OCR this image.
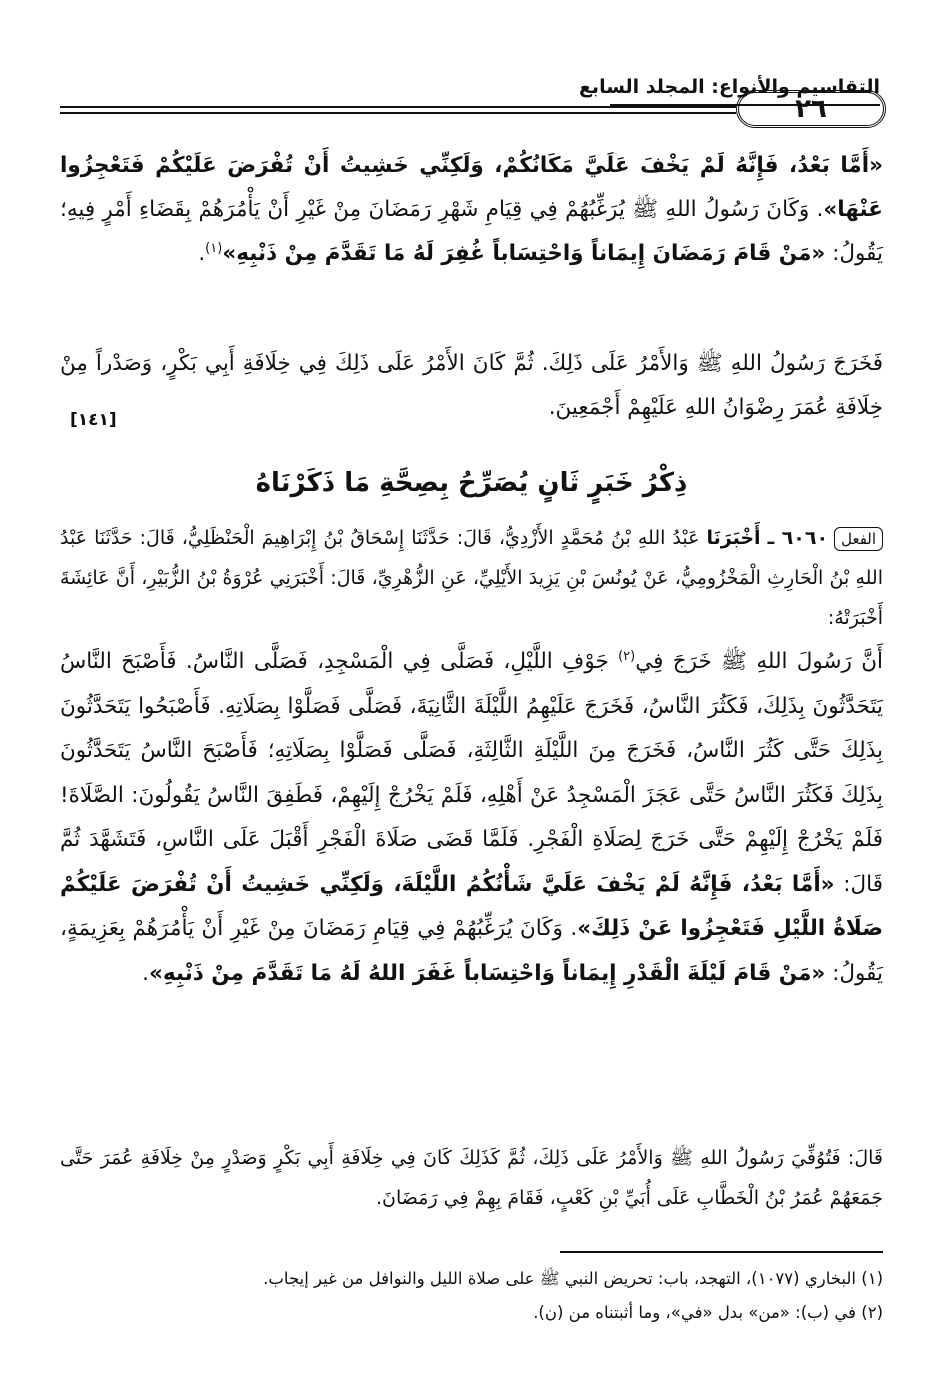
التقاسيم والأنواع: المجلد السابع
٢٦

«أَمَّا بَعْدُ، فَإِنَّهُ لَمْ يَخْفَ عَلَيَّ مَكَانُكُمْ، وَلَكِنِّي خَشِيتُ أَنْ تُفْرَضَ عَلَيْكُمْ فَتَعْجِزُوا عَنْهَا». وَكَانَ رَسُولُ اللهِ ﷺ يُرَغِّبُهُمْ فِي قِيَامِ شَهْرِ رَمَضَانَ مِنْ غَيْرِ أَنْ يَأْمُرَهُمْ بِقَضَاءِ أَمْرٍ فِيهِ؛ يَقُولُ: «مَنْ قَامَ رَمَضَانَ إِيمَاناً وَاحْتِسَاباً غُفِرَ لَهُ مَا تَقَدَّمَ مِنْ ذَنْبِهِ»$^{(١)}$.

فَخَرَجَ رَسُولُ اللهِ ﷺ وَالأَمْرُ عَلَى ذَلِكَ. ثُمَّ كَانَ الأَمْرُ عَلَى ذَلِكَ فِي خِلَافَةِ أَبِي بَكْرٍ، وَصَدْراً مِنْ خِلَافَةِ عُمَرَ رِضْوَانُ اللهِ عَلَيْهِمْ أَجْمَعِينَ.

[١٤١]
ذِكْرُ خَبَرٍ ثَانٍ يُصَرِّحُ بِصِحَّةِ مَا ذَكَرْنَاهُ

الفعل٦٠٦٠ ـ أَخْبَرَنَا عَبْدُ اللهِ بْنُ مُحَمَّدٍ الأَزْدِيُّ، قَالَ: حَدَّثَنَا إِسْحَاقُ بْنُ إِبْرَاهِيمَ الْحَنْظَلِيُّ، قَالَ: حَدَّثَنَا عَبْدُ اللهِ بْنُ الْحَارِثِ الْمَخْزُومِيُّ، عَنْ يُونُسَ بْنِ يَزِيدَ الأَيْلِيِّ، عَنِ الزُّهْرِيِّ، قَالَ: أَخْبَرَنِي عُرْوَةُ بْنُ الزُّبَيْرِ، أَنَّ عَائِشَةَ أَخْبَرَتْهُ:

أَنَّ رَسُولَ اللهِ ﷺ خَرَجَ فِي$^{(٢)}$ جَوْفِ اللَّيْلِ، فَصَلَّى فِي الْمَسْجِدِ، فَصَلَّى النَّاسُ. فَأَصْبَحَ النَّاسُ يَتَحَدَّثُونَ بِذَلِكَ، فَكَثُرَ النَّاسُ، فَخَرَجَ عَلَيْهِمُ اللَّيْلَةَ الثَّانِيَةَ، فَصَلَّى فَصَلَّوْا بِصَلَاتِهِ. فَأَصْبَحُوا يَتَحَدَّثُونَ بِذَلِكَ حَتَّى كَثُرَ النَّاسُ، فَخَرَجَ مِنَ اللَّيْلَةِ الثَّالِثَةِ، فَصَلَّى فَصَلَّوْا بِصَلَاتِهِ؛ فَأَصْبَحَ النَّاسُ يَتَحَدَّثُونَ بِذَلِكَ فَكَثُرَ النَّاسُ حَتَّى عَجَزَ الْمَسْجِدُ عَنْ أَهْلِهِ، فَلَمْ يَخْرُجْ إِلَيْهِمْ، فَطَفِقَ النَّاسُ يَقُولُونَ: الصَّلَاةَ! فَلَمْ يَخْرُجْ إِلَيْهِمْ حَتَّى خَرَجَ لِصَلَاةِ الْفَجْرِ. فَلَمَّا قَضَى صَلَاةَ الْفَجْرِ أَقْبَلَ عَلَى النَّاسِ، فَتَشَهَّدَ ثُمَّ قَالَ: «أَمَّا بَعْدُ، فَإِنَّهُ لَمْ يَخْفَ عَلَيَّ شَأْنُكُمُ اللَّيْلَةَ، وَلَكِنِّي خَشِيتُ أَنْ تُفْرَضَ عَلَيْكُمْ صَلَاةُ اللَّيْلِ فَتَعْجِزُوا عَنْ ذَلِكَ». وَكَانَ يُرَغِّبُهُمْ فِي قِيَامِ رَمَضَانَ مِنْ غَيْرِ أَنْ يَأْمُرَهُمْ بِعَزِيمَةٍ، يَقُولُ: «مَنْ قَامَ لَيْلَةَ الْقَدْرِ إِيمَاناً وَاحْتِسَاباً غَفَرَ اللهُ لَهُ مَا تَقَدَّمَ مِنْ ذَنْبِهِ».

قَالَ: فَتُوُفِّيَ رَسُولُ اللهِ ﷺ وَالأَمْرُ عَلَى ذَلِكَ، ثُمَّ كَذَلِكَ كَانَ فِي خِلَافَةِ أَبِي بَكْرٍ وَصَدْرٍ مِنْ خِلَافَةِ عُمَرَ حَتَّى جَمَعَهُمْ عُمَرُ بْنُ الْخَطَّابِ عَلَى أُبَيِّ بْنِ كَعْبٍ، فَقَامَ بِهِمْ فِي رَمَضَانَ.

(١) البخاري (١٠٧٧)، التهجد، باب: تحريض النبي ﷺ على صلاة الليل والنوافل من غير إيجاب.

(٢) في (ب): «من» بدل «في»، وما أثبتناه من (ن).
